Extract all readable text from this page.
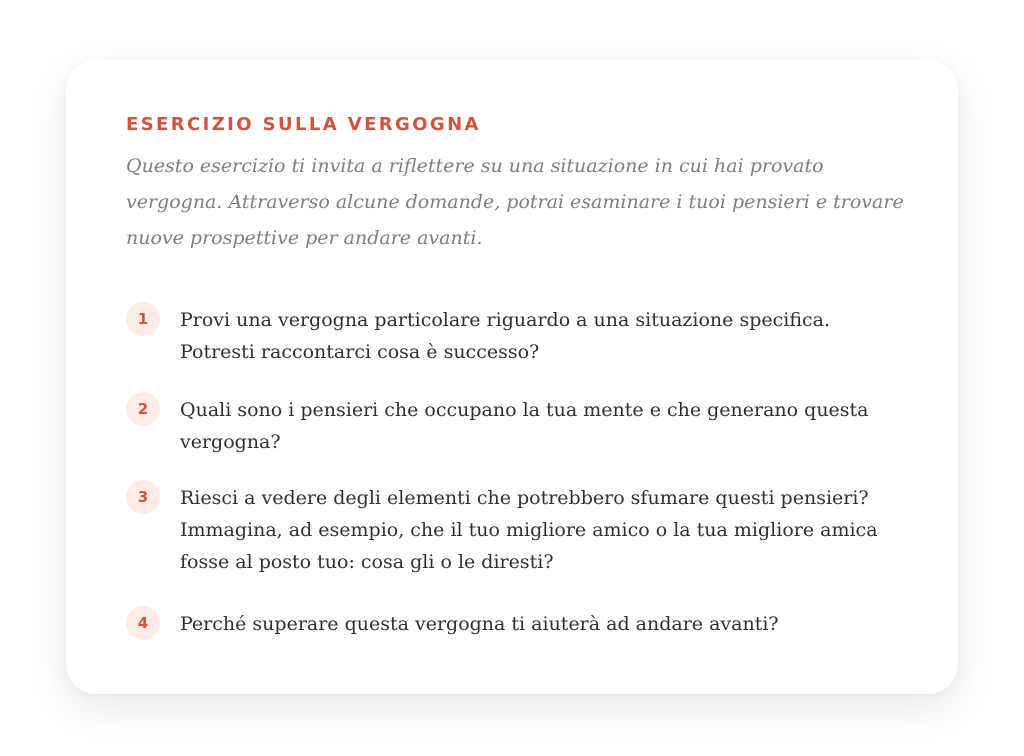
ESERCIZIO SULLA VERGOGNA

Questo esercizio ti invita a riflettere su una situazione in cui hai provato vergogna. Attraverso alcune domande, potrai esaminare i tuoi pensieri e trovare nuove prospettive per andare avanti.

1	Provi una vergogna particolare riguardo a una situazione specifica. Potresti raccontarci cosa è successo?
2	Quali sono i pensieri che occupano la tua mente e che generano questa vergogna?
3	Riesci a vedere degli elementi che potrebbero sfumare questi pensieri? Immagina, ad esempio, che il tuo migliore amico o la tua migliore amica fosse al posto tuo: cosa gli o le diresti?
4	Perché superare questa vergogna ti aiuterà ad andare avanti?
